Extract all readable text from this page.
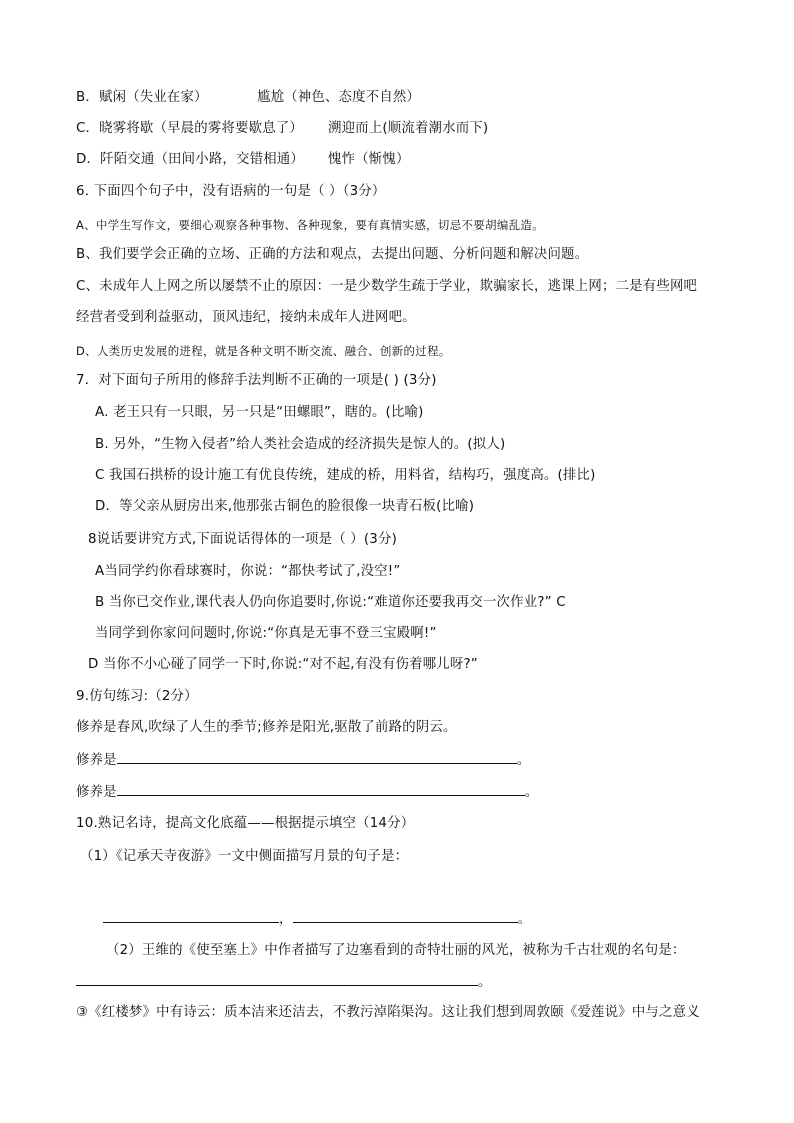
B．赋闲（失业在家）	尴尬（神色、态度不自然）
C．晓雾将歇（早晨的雾将要歇息了） 溯迎而上(顺流着潮水而下)
D．阡陌交通（田间小路，交错相通） 愧怍（惭愧）
6. 下面四个句子中，没有语病的一句是（ ）（3分）
A、中学生写作文，要细心观察各种事物、各种现象，要有真情实感，切忌不要胡编乱造。
B、我们要学会正确的立场、正确的方法和观点，去提出问题、分析问题和解决问题。
C、未成年人上网之所以屡禁不止的原因：一是少数学生疏于学业，欺骗家长，逃课上网；二是有些网吧
经营者受到利益驱动，顶风违纪，接纳未成年人进网吧。
D、人类历史发展的进程，就是各种文明不断交流、融合、创新的过程。
7．对下面句子所用的修辞手法判断不正确的一项是( ) (3分)
A. 老王只有一只眼，另一只是“田螺眼”，瞎的。(比喻)
B. 另外，“生物入侵者”给人类社会造成的经济损失是惊人的。(拟人)
C 我国石拱桥的设计施工有优良传统，建成的桥，用料省，结构巧，强度高。(排比)
D．等父亲从厨房出来,他那张古铜色的脸很像一块青石板(比喻)
8说话要讲究方式,下面说话得体的一项是（ ）(3分)
A当同学约你看球赛时，你说：“都快考试了,没空!”
B 当你已交作业,课代表人仍向你追要时,你说:“难道你还要我再交一次作业?” C
当同学到你家问问题时,你说:“你真是无事不登三宝殿啊!”
D 当你不小心碰了同学一下时,你说:“对不起,有没有伤着哪儿呀?”
9.仿句练习:（2分）
修养是春风,吹绿了人生的季节;修养是阳光,驱散了前路的阴云。
修养是	。
修养是	。
10.熟记名诗，提高文化底蕴——根据提示填空（14分）
（1）《记承天寺夜游》一文中侧面描写月景的句子是：
，	。
（2）王维的《使至塞上》中作者描写了边塞看到的奇特壮丽的风光，被称为千古壮观的名句是：
。
③《红楼梦》中有诗云：质本洁来还洁去，不教污淖陷渠沟。这让我们想到周敦颐《爱莲说》中与之意义
